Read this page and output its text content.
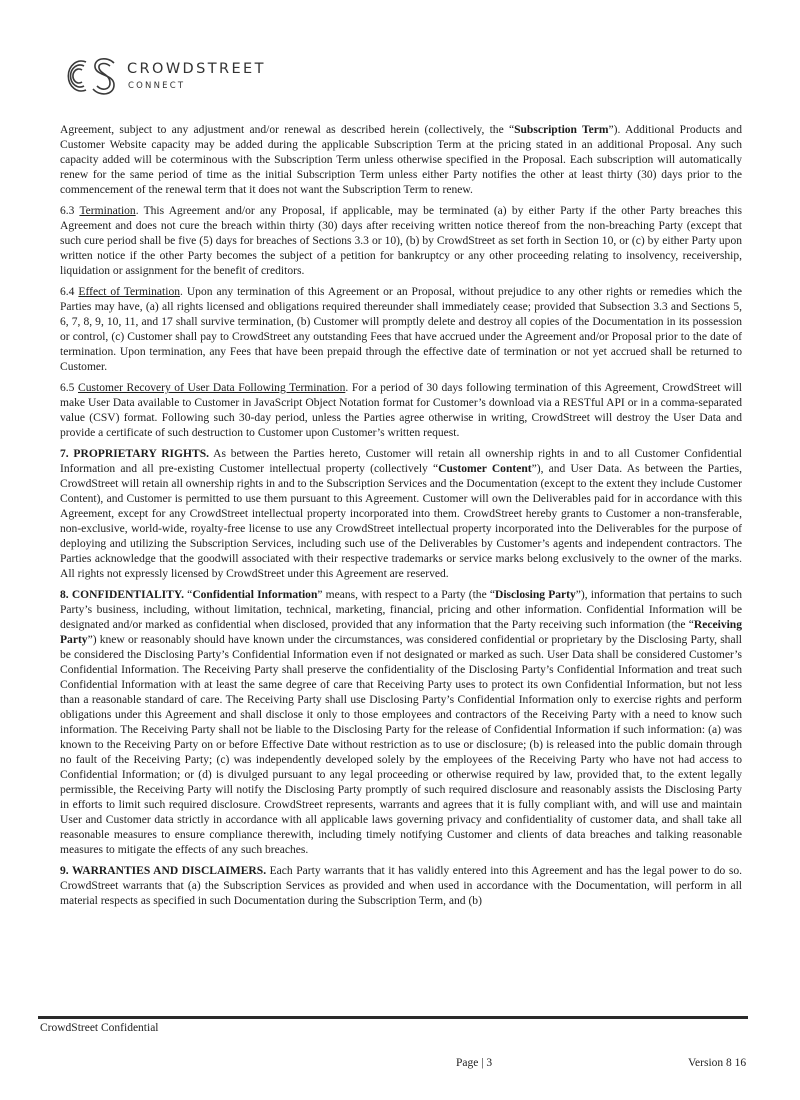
CROWDSTREET
CONNECT

Agreement, subject to any adjustment and/or renewal as described herein (collectively, the “Subscription Term”). Additional Products and Customer Website capacity may be added during the applicable Subscription Term at the pricing stated in an additional Proposal. Any such capacity added will be coterminous with the Subscription Term unless otherwise specified in the Proposal. Each subscription will automatically renew for the same period of time as the initial Subscription Term unless either Party notifies the other at least thirty (30) days prior to the commencement of the renewal term that it does not want the Subscription Term to renew.

6.3 Termination. This Agreement and/or any Proposal, if applicable, may be terminated (a) by either Party if the other Party breaches this Agreement and does not cure the breach within thirty (30) days after receiving written notice thereof from the non-breaching Party (except that such cure period shall be five (5) days for breaches of Sections 3.3 or 10), (b) by CrowdStreet as set forth in Section 10, or (c) by either Party upon written notice if the other Party becomes the subject of a petition for bankruptcy or any other proceeding relating to insolvency, receivership, liquidation or assignment for the benefit of creditors.

6.4 Effect of Termination. Upon any termination of this Agreement or an Proposal, without prejudice to any other rights or remedies which the Parties may have, (a) all rights licensed and obligations required thereunder shall immediately cease; provided that Subsection 3.3 and Sections 5, 6, 7, 8, 9, 10, 11, and 17 shall survive termination, (b) Customer will promptly delete and destroy all copies of the Documentation in its possession or control, (c) Customer shall pay to CrowdStreet any outstanding Fees that have accrued under the Agreement and/or Proposal prior to the date of termination. Upon termination, any Fees that have been prepaid through the effective date of termination or not yet accrued shall be returned to Customer.

6.5 Customer Recovery of User Data Following Termination. For a period of 30 days following termination of this Agreement, CrowdStreet will make User Data available to Customer in JavaScript Object Notation format for Customer’s download via a RESTful API or in a comma-separated value (CSV) format. Following such 30-day period, unless the Parties agree otherwise in writing, CrowdStreet will destroy the User Data and provide a certificate of such destruction to Customer upon Customer’s written request.

7. PROPRIETARY RIGHTS. As between the Parties hereto, Customer will retain all ownership rights in and to all Customer Confidential Information and all pre-existing Customer intellectual property (collectively “Customer Content”), and User Data. As between the Parties, CrowdStreet will retain all ownership rights in and to the Subscription Services and the Documentation (except to the extent they include Customer Content), and Customer is permitted to use them pursuant to this Agreement. Customer will own the Deliverables paid for in accordance with this Agreement, except for any CrowdStreet intellectual property incorporated into them. CrowdStreet hereby grants to Customer a non-transferable, non-exclusive, world-wide, royalty-free license to use any CrowdStreet intellectual property incorporated into the Deliverables for the purpose of deploying and utilizing the Subscription Services, including such use of the Deliverables by Customer’s agents and independent contractors. The Parties acknowledge that the goodwill associated with their respective trademarks or service marks belong exclusively to the owner of the marks. All rights not expressly licensed by CrowdStreet under this Agreement are reserved.

8. CONFIDENTIALITY. “Confidential Information” means, with respect to a Party (the “Disclosing Party”), information that pertains to such Party’s business, including, without limitation, technical, marketing, financial, pricing and other information. Confidential Information will be designated and/or marked as confidential when disclosed, provided that any information that the Party receiving such information (the “Receiving Party”) knew or reasonably should have known under the circumstances, was considered confidential or proprietary by the Disclosing Party, shall be considered the Disclosing Party’s Confidential Information even if not designated or marked as such. User Data shall be considered Customer’s Confidential Information. The Receiving Party shall preserve the confidentiality of the Disclosing Party’s Confidential Information and treat such Confidential Information with at least the same degree of care that Receiving Party uses to protect its own Confidential Information, but not less than a reasonable standard of care. The Receiving Party shall use Disclosing Party’s Confidential Information only to exercise rights and perform obligations under this Agreement and shall disclose it only to those employees and contractors of the Receiving Party with a need to know such information. The Receiving Party shall not be liable to the Disclosing Party for the release of Confidential Information if such information: (a) was known to the Receiving Party on or before Effective Date without restriction as to use or disclosure; (b) is released into the public domain through no fault of the Receiving Party; (c) was independently developed solely by the employees of the Receiving Party who have not had access to Confidential Information; or (d) is divulged pursuant to any legal proceeding or otherwise required by law, provided that, to the extent legally permissible, the Receiving Party will notify the Disclosing Party promptly of such required disclosure and reasonably assists the Disclosing Party in efforts to limit such required disclosure. CrowdStreet represents, warrants and agrees that it is fully compliant with, and will use and maintain User and Customer data strictly in accordance with all applicable laws governing privacy and confidentiality of customer data, and shall take all reasonable measures to ensure compliance therewith, including timely notifying Customer and clients of data breaches and talking reasonable measures to mitigate the effects of any such breaches.

9. WARRANTIES AND DISCLAIMERS. Each Party warrants that it has validly entered into this Agreement and has the legal power to do so. CrowdStreet warrants that (a) the Subscription Services as provided and when used in accordance with the Documentation, will perform in all material respects as specified in such Documentation during the Subscription Term, and (b)

CrowdStreet Confidential
Page | 3	Version 8 16
